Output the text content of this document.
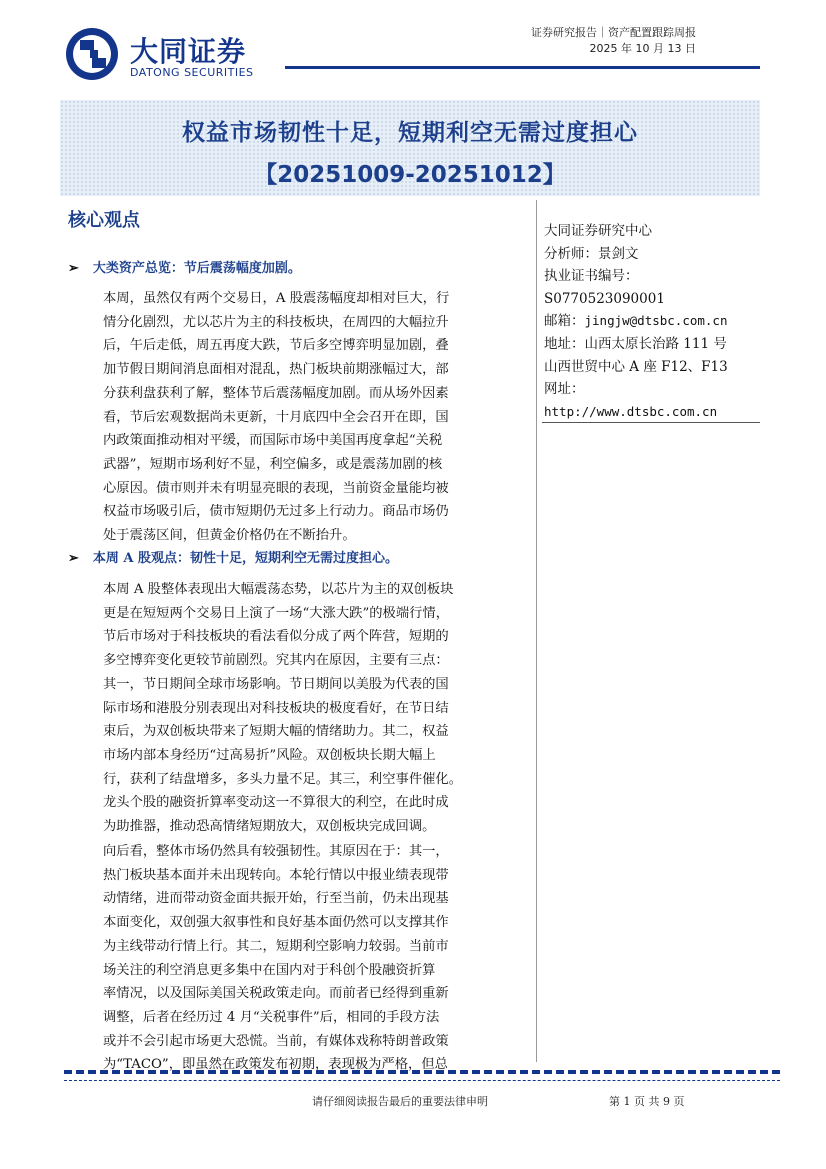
大同证券
DATONG SECURITIES
证券研究报告｜资产配置跟踪周报
2025 年 10 月 13 日
权益市场韧性十足，短期利空无需过度担心
【20251009-20251012】
核心观点
➢ 大类资产总览：节后震荡幅度加剧。
本周，虽然仅有两个交易日，A 股震荡幅度却相对巨大，行
情分化剧烈，尤以芯片为主的科技板块，在周四的大幅拉升
后，午后走低，周五再度大跌，节后多空博弈明显加剧，叠
加节假日期间消息面相对混乱，热门板块前期涨幅过大，部
分获利盘获利了解，整体节后震荡幅度加剧。而从场外因素
看，节后宏观数据尚未更新，十月底四中全会召开在即，国
内政策面推动相对平缓，而国际市场中美国再度拿起“关税
武器”，短期市场利好不显，利空偏多，或是震荡加剧的核
心原因。债市则并未有明显亮眼的表现，当前资金量能均被
权益市场吸引后，债市短期仍无过多上行动力。商品市场仍
处于震荡区间，但黄金价格仍在不断抬升。
➢ 本周 A 股观点：韧性十足，短期利空无需过度担心。
本周 A 股整体表现出大幅震荡态势，以芯片为主的双创板块
更是在短短两个交易日上演了一场“大涨大跌”的极端行情，
节后市场对于科技板块的看法看似分成了两个阵营，短期的
多空博弈变化更较节前剧烈。究其内在原因，主要有三点：
其一，节日期间全球市场影响。节日期间以美股为代表的国
际市场和港股分别表现出对科技板块的极度看好，在节日结
束后，为双创板块带来了短期大幅的情绪助力。其二，权益
市场内部本身经历“过高易折”风险。双创板块长期大幅上
行，获利了结盘增多，多头力量不足。其三，利空事件催化。
龙头个股的融资折算率变动这一不算很大的利空，在此时成
为助推器，推动恐高情绪短期放大，双创板块完成回调。
向后看，整体市场仍然具有较强韧性。其原因在于：其一，
热门板块基本面并未出现转向。本轮行情以中报业绩表现带
动情绪，进而带动资金面共振开始，行至当前，仍未出现基
本面变化，双创强大叙事性和良好基本面仍然可以支撑其作
为主线带动行情上行。其二，短期利空影响力较弱。当前市
场关注的利空消息更多集中在国内对于科创个股融资折算
率情况，以及国际美国关税政策走向。而前者已经得到重新
调整，后者在经历过 4 月“关税事件”后，相同的手段方法
或并不会引起市场更大恐慌。当前，有媒体戏称特朗普政策
为“TACO”，即虽然在政策发布初期，表现极为严格，但总
大同证券研究中心
分析师：景剑文
执业证书编号：
S0770523090001
邮箱：jingjw@dtsbc.com.cn
地址：山西太原长治路 111 号
山西世贸中心 A 座 F12、F13
网址：
http://www.dtsbc.com.cn
请仔细阅读报告最后的重要法律申明	第 1 页 共 9 页
